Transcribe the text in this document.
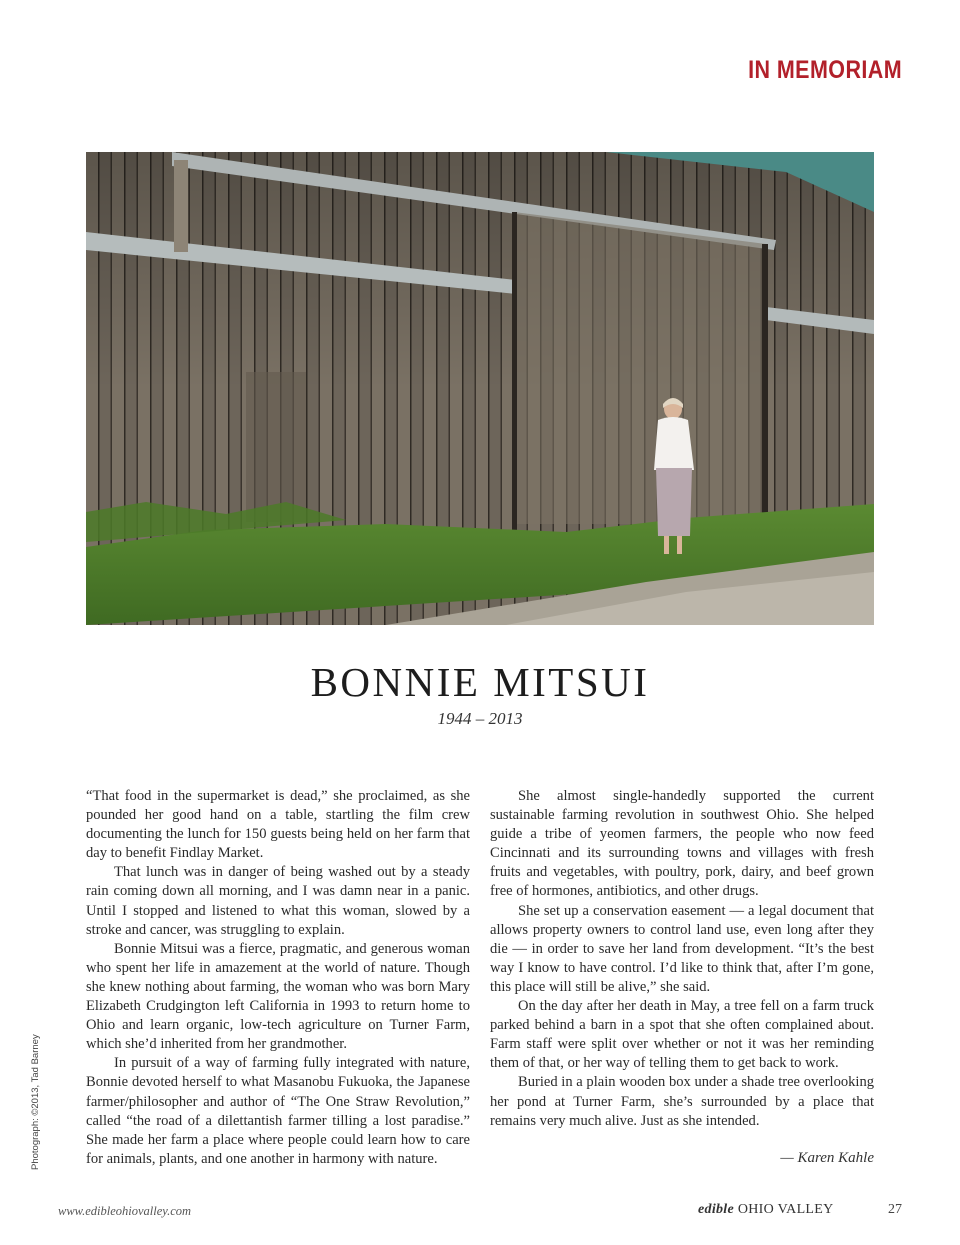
IN MEMORIAM
Photograph: ©2013, Tad Barney
BONNIE MITSUI
1944 – 2013

“That food in the supermarket is dead,” she proclaimed, as she pounded her good hand on a table, startling the film crew documenting the lunch for 150 guests being held on her farm that day to benefit Findlay Market.

That lunch was in danger of being washed out by a steady rain coming down all morning, and I was damn near in a panic. Until I stopped and listened to what this woman, slowed by a stroke and cancer, was struggling to explain.

Bonnie Mitsui was a fierce, pragmatic, and generous woman who spent her life in amazement at the world of nature. Though she knew nothing about farming, the woman who was born Mary Elizabeth Crudgington left California in 1993 to return home to Ohio and learn organic, low-tech agriculture on Turner Farm, which she’d inherited from her grandmother.

In pursuit of a way of farming fully integrated with nature, Bonnie devoted herself to what Masanobu Fukuoka, the Japanese farmer/philosopher and author of “The One Straw Revolution,” called “the road of a dilettantish farmer tilling a lost paradise.” She made her farm a place where people could learn how to care for animals, plants, and one another in harmony with nature.

She almost single-handedly supported the current sustainable farming revolution in southwest Ohio. She helped guide a tribe of yeomen farmers, the people who now feed Cincinnati and its surrounding towns and villages with fresh fruits and vegetables, with poultry, pork, dairy, and beef grown free of hormones, antibiotics, and other drugs.

She set up a conservation easement — a legal document that allows property owners to control land use, even long after they die — in order to save her land from development. “It’s the best way I know to have control. I’d like to think that, after I’m gone, this place will still be alive,” she said.

On the day after her death in May, a tree fell on a farm truck parked behind a barn in a spot that she often complained about. Farm staff were split over whether or not it was her reminding them of that, or her way of telling them to get back to work.

Buried in a plain wooden box under a shade tree overlooking her pond at Turner Farm, she’s surrounded by a place that remains very much alive. Just as she intended.

— Karen Kahle
www.edibleohiovalley.com	edible OHIO VALLEY	27
